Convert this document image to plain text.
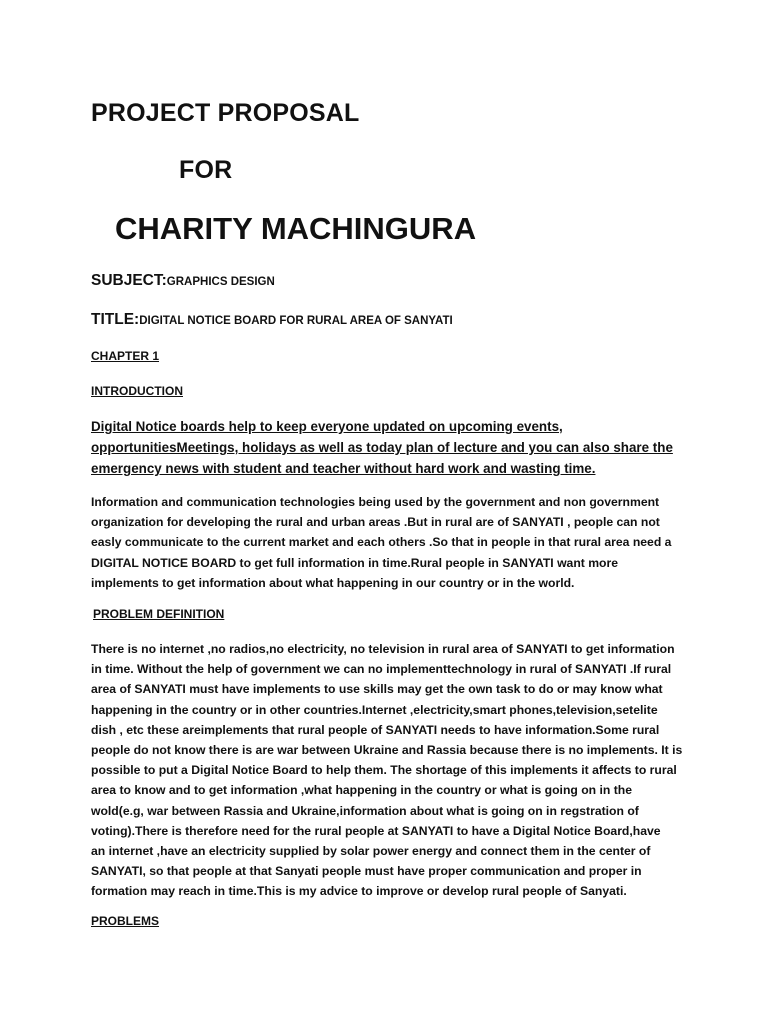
PROJECT PROPOSAL
FOR
CHARITY MACHINGURA
SUBJECT:GRAPHICS DESIGN
TITLE:DIGITAL NOTICE BOARD FOR RURAL AREA OF SANYATI
CHAPTER 1
INTRODUCTION
Digital Notice boards help to keep everyone updated on upcoming events,
opportunitiesMeetings, holidays as well as today plan of lecture and you can also share the
emergency news with student and teacher without hard work and wasting time.
Information and communication technologies being used by the government and non government
organization for developing the rural and urban areas .But in rural are of SANYATI , people can not
easly communicate to the current market and each others .So that in people in that rural area need a
DIGITAL NOTICE BOARD to get full information in time.Rural people in SANYATI want more
implements to get information about what happening in our country or in the world.
PROBLEM DEFINITION
There is no internet ,no radios,no electricity, no television in rural area of SANYATI to get information
in time. Without the help of government we can no implementtechnology in rural of SANYATI .If rural
area of SANYATI must have implements to use skills may get the own task to do or may know what
happening in the country or in other countries.Internet ,electricity,smart phones,television,setelite
dish , etc these areimplements that rural people of SANYATI needs to have information.Some rural
people do not know there is are war between Ukraine and Rassia because there is no implements. It is
possible to put a Digital Notice Board to help them. The shortage of this implements it affects to rural
area to know and to get information ,what happening in the country or what is going on in the
wold(e.g, war between Rassia and Ukraine,information about what is going on in regstration of
voting).There is therefore need for the rural people at SANYATI to have a Digital Notice Board,have
an internet ,have an electricity supplied by solar power energy and connect them in the center of
SANYATI, so that people at that Sanyati people must have proper communication and proper in
formation may reach in time.This is my advice to improve or develop rural people of Sanyati.
PROBLEMS
